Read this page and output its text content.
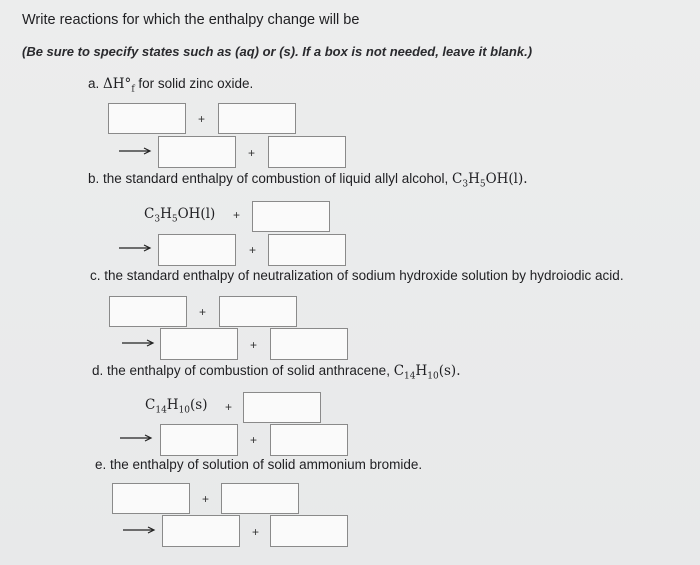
Write reactions for which the enthalpy change will be
(Be sure to specify states such as (aq) or (s). If a box is not needed, leave it blank.)
a. $\Delta H^\circ_f$ for solid zinc oxide.
+
+
b. the standard enthalpy of combustion of liquid allyl alcohol, $C_3H_5OH(l)$.
$C_3H_5OH(l)$ +
+
c. the standard enthalpy of neutralization of sodium hydroxide solution by hydroiodic acid.
+
+
d. the enthalpy of combustion of solid anthracene, $C_{14}H_{10}(s)$.
$C_{14}H_{10}(s)$ +
+
e. the enthalpy of solution of solid ammonium bromide.
+
+
